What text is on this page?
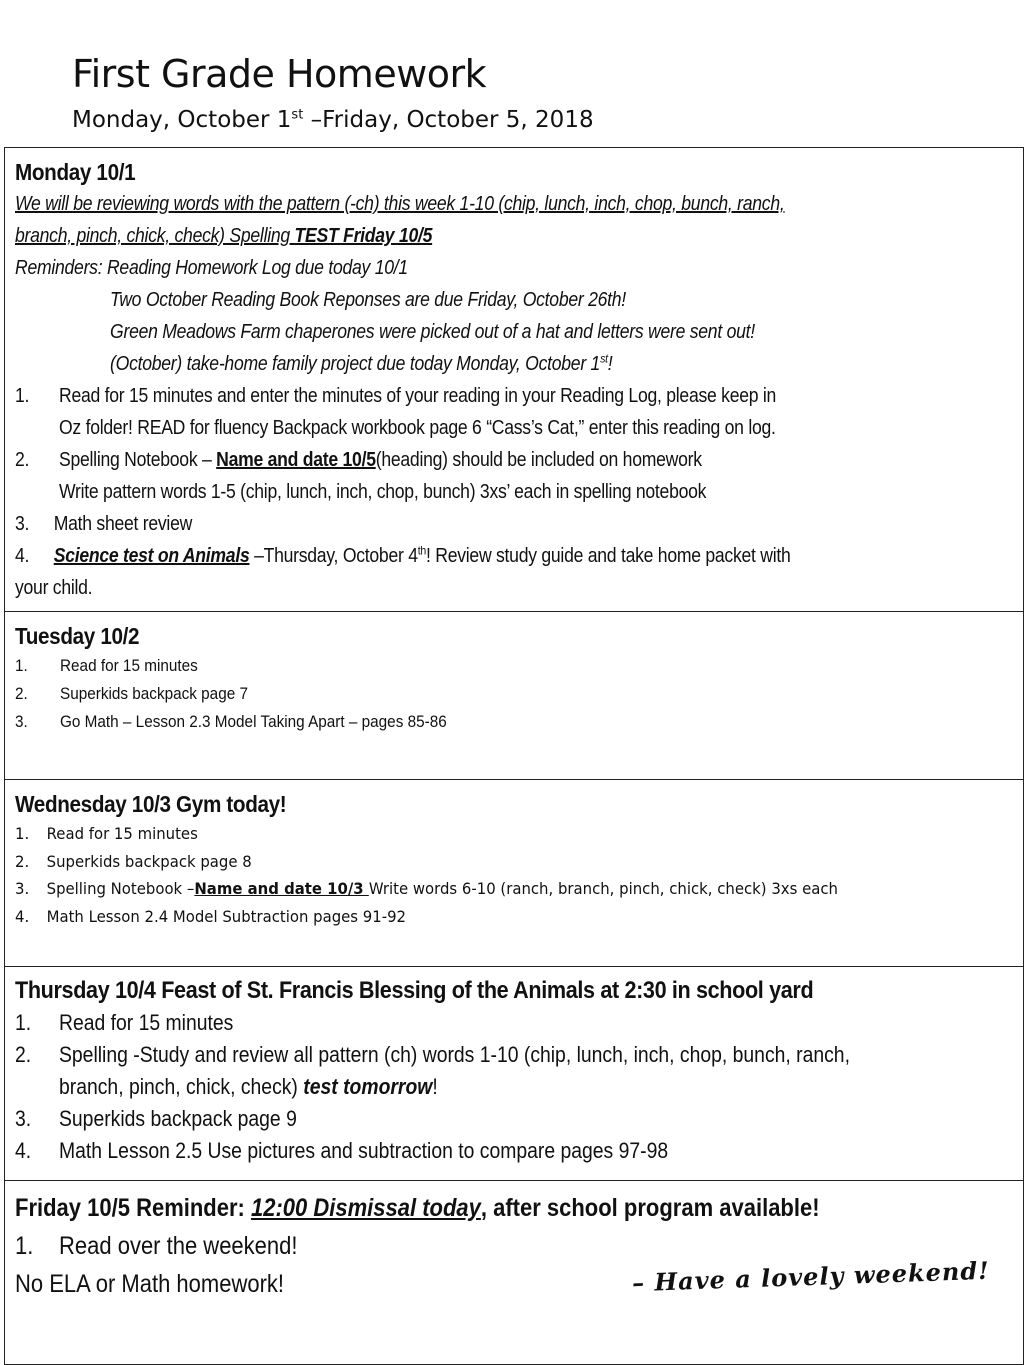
First Grade Homework
Monday, October 1st –Friday, October 5, 2018
Monday 10/1
We will be reviewing words with the pattern (-ch) this week 1-10 (chip, lunch, inch, chop, bunch, ranch,
branch, pinch, chick, check) Spelling TEST Friday 10/5
Reminders: Reading Homework Log due today 10/1
Two October Reading Book Reponses are due Friday, October 26th!
Green Meadows Farm chaperones were picked out of a hat and letters were sent out!
(October) take-home family project due today Monday, October 1st!
1. Read for 15 minutes and enter the minutes of your reading in your Reading Log, please keep in
Oz folder! READ for fluency Backpack workbook page 6 “Cass’s Cat,” enter this reading on log.
2. Spelling Notebook – Name and date 10/5(heading) should be included on homework
Write pattern words 1-5 (chip, lunch, inch, chop, bunch) 3xs’ each in spelling notebook
3. Math sheet review
4. Science test on Animals –Thursday, October 4th! Review study guide and take home packet with
your child.
Tuesday 10/2
1. Read for 15 minutes
2. Superkids backpack page 7
3. Go Math – Lesson 2.3 Model Taking Apart – pages 85-86
Wednesday 10/3 Gym today!
1. Read for 15 minutes
2. Superkids backpack page 8
3. Spelling Notebook –Name and date 10/3 Write words 6-10 (ranch, branch, pinch, chick, check) 3xs each
4. Math Lesson 2.4 Model Subtraction pages 91-92
Thursday 10/4 Feast of St. Francis Blessing of the Animals at 2:30 in school yard
1. Read for 15 minutes
2. Spelling -Study and review all pattern (ch) words 1-10 (chip, lunch, inch, chop, bunch, ranch,
branch, pinch, chick, check) test tomorrow!
3. Superkids backpack page 9
4. Math Lesson 2.5 Use pictures and subtraction to compare pages 97-98
Friday 10/5 Reminder: 12:00 Dismissal today, after school program available!
1. Read over the weekend!
No ELA or Math homework!	– Have a lovely weekend!
